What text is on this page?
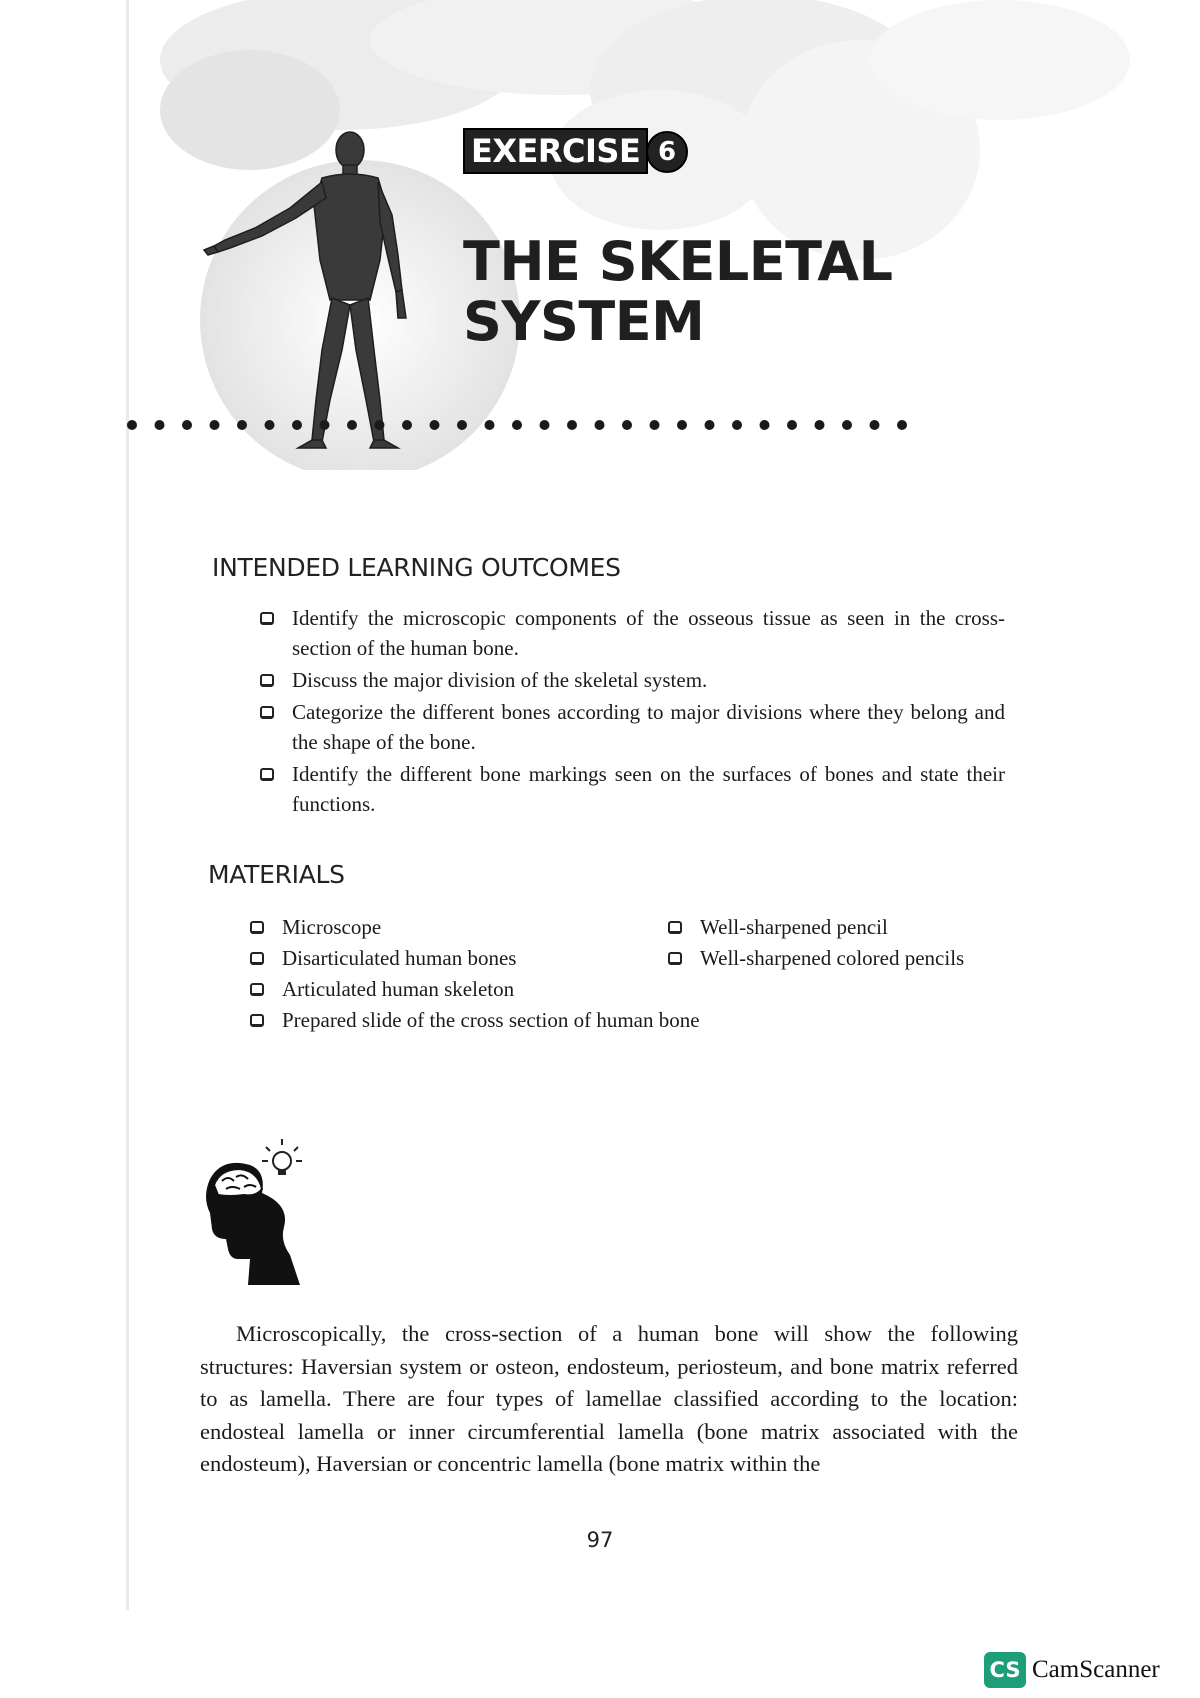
EXERCISE 6
THE SKELETAL
SYSTEM
INTENDED LEARNING OUTCOMES
Identify the microscopic components of the osseous tissue as seen in the cross-section of the human bone.
Discuss the major division of the skeletal system.
Categorize the different bones according to major divisions where they belong and the shape of the bone.
Identify the different bone markings seen on the surfaces of bones and state their functions.
MATERIALS
Microscope
Disarticulated human bones
Articulated human skeleton
Prepared slide of the cross section of human bone
Well-sharpened pencil
Well-sharpened colored pencils

Microscopically, the cross-section of a human bone will show the following structures: Haversian system or osteon, endosteum, periosteum, and bone matrix referred to as lamella. There are four types of lamellae classified according to the location: endosteal lamella or inner circumferential lamella (bone matrix associated with the endosteum), Haversian or concentric lamella (bone matrix within the

97
CS CamScanner
